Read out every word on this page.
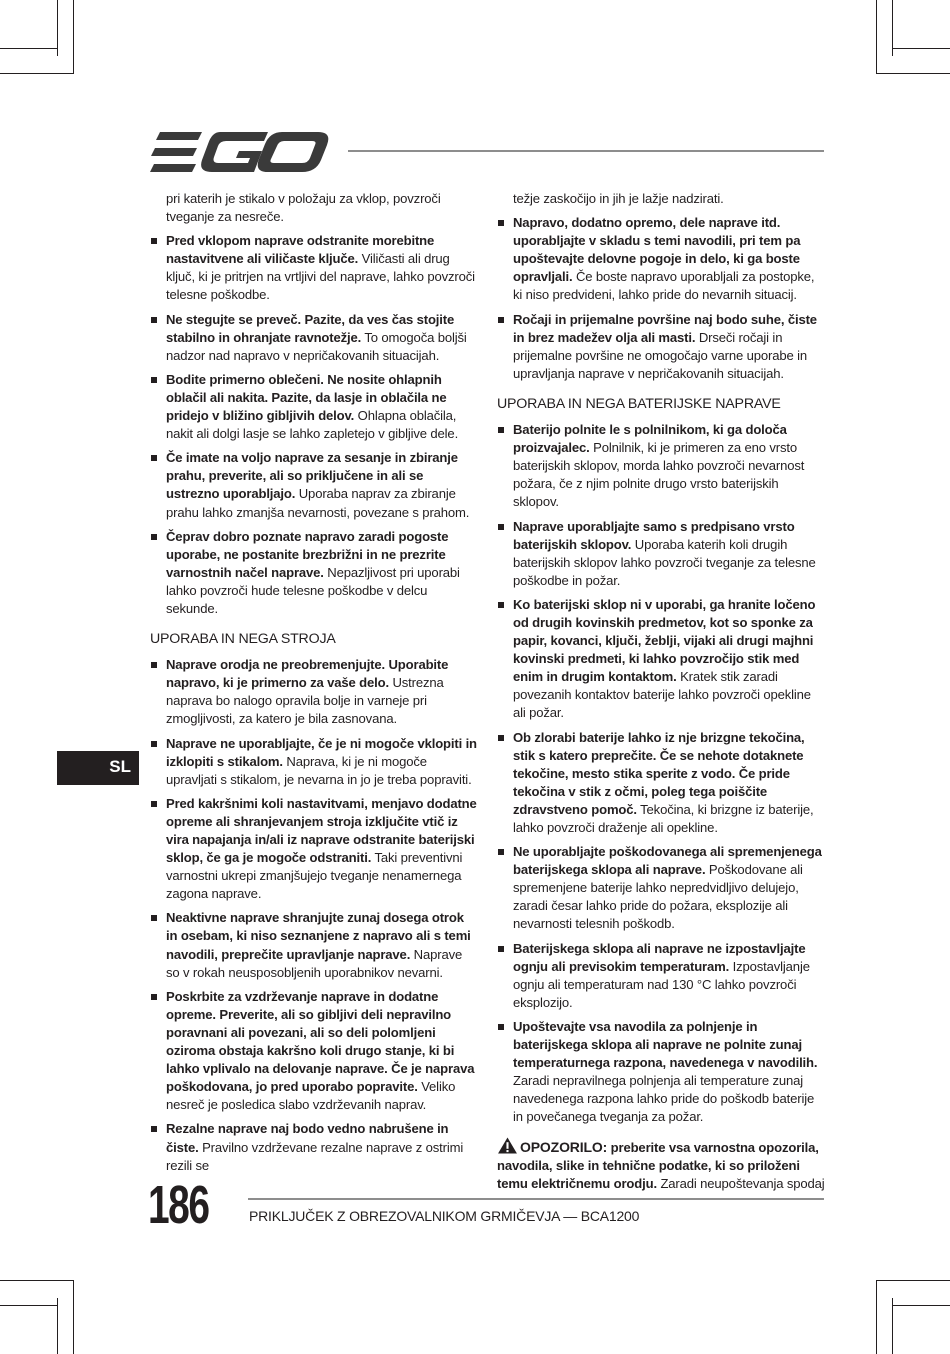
SL

pri katerih je stikalo v položaju za vklop, povzroči tveganje za nesreče.

Pred vklopom naprave odstranite morebitne nastavitvene ali viličaste ključe. Viličasti ali drug ključ, ki je pritrjen na vrtljivi del naprave, lahko povzroči telesne poškodbe.
Ne stegujte se preveč. Pazite, da ves čas stojite stabilno in ohranjate ravnotežje. To omogoča boljši nadzor nad napravo v nepričakovanih situacijah.
Bodite primerno oblečeni. Ne nosite ohlapnih oblačil ali nakita. Pazite, da lasje in oblačila ne pridejo v bližino gibljivih delov. Ohlapna oblačila, nakit ali dolgi lasje se lahko zapletejo v gibljive dele.
Če imate na voljo naprave za sesanje in zbiranje prahu, preverite, ali so priključene in ali se ustrezno uporabljajo. Uporaba naprav za zbiranje prahu lahko zmanjša nevarnosti, povezane s prahom.
Čeprav dobro poznate napravo zaradi pogoste uporabe, ne postanite brezbrižni in ne prezrite varnostnih načel naprave. Nepazljivost pri uporabi lahko povzroči hude telesne poškodbe v delcu sekunde.
UPORABA IN NEGA STROJA
Naprave orodja ne preobremenjujte. Uporabite napravo, ki je primerno za vaše delo. Ustrezna naprava bo nalogo opravila bolje in varneje pri zmogljivosti, za katero je bila zasnovana.
Naprave ne uporabljajte, če je ni mogoče vklopiti in izklopiti s stikalom. Naprava, ki je ni mogoče upravljati s stikalom, je nevarna in jo je treba popraviti.
Pred kakršnimi koli nastavitvami, menjavo dodatne opreme ali shranjevanjem stroja izključite vtič iz vira napajanja in/ali iz naprave odstranite baterijski sklop, če ga je mogoče odstraniti. Taki preventivni varnostni ukrepi zmanjšujejo tveganje nenamernega zagona naprave.
Neaktivne naprave shranjujte zunaj dosega otrok in osebam, ki niso seznanjene z napravo ali s temi navodili, preprečite upravljanje naprave. Naprave so v rokah neusposobljenih uporabnikov nevarni.
Poskrbite za vzdrževanje naprave in dodatne opreme. Preverite, ali so gibljivi deli nepravilno poravnani ali povezani, ali so deli polomljeni oziroma obstaja kakršno koli drugo stanje, ki bi lahko vplivalo na delovanje naprave. Če je naprava poškodovana, jo pred uporabo popravite. Veliko nesreč je posledica slabo vzdrževanih naprav.
Rezalne naprave naj bodo vedno nabrušene in čiste. Pravilno vzdrževane rezalne naprave z ostrimi rezili se

težje zaskočijo in jih je lažje nadzirati.

Napravo, dodatno opremo, dele naprave itd. uporabljajte v skladu s temi navodili, pri tem pa upoštevajte delovne pogoje in delo, ki ga boste opravljali. Če boste napravo uporabljali za postopke, ki niso predvideni, lahko pride do nevarnih situacij.
Ročaji in prijemalne površine naj bodo suhe, čiste in brez madežev olja ali masti. Drseči ročaji in prijemalne površine ne omogočajo varne uporabe in upravljanja naprave v nepričakovanih situacijah.
UPORABA IN NEGA BATERIJSKE NAPRAVE
Baterijo polnite le s polnilnikom, ki ga določa proizvajalec. Polnilnik, ki je primeren za eno vrsto baterijskih sklopov, morda lahko povzroči nevarnost požara, če z njim polnite drugo vrsto baterijskih sklopov.
Naprave uporabljajte samo s predpisano vrsto baterijskih sklopov. Uporaba katerih koli drugih baterijskih sklopov lahko povzroči tveganje za telesne poškodbe in požar.
Ko baterijski sklop ni v uporabi, ga hranite ločeno od drugih kovinskih predmetov, kot so sponke za papir, kovanci, ključi, žeblji, vijaki ali drugi majhni kovinski predmeti, ki lahko povzročijo stik med enim in drugim kontaktom. Kratek stik zaradi povezanih kontaktov baterije lahko povzroči opekline ali požar.
Ob zlorabi baterije lahko iz nje brizgne tekočina, stik s katero preprečite. Če se nehote dotaknete tekočine, mesto stika sperite z vodo. Če pride tekočina v stik z očmi, poleg tega poiščite zdravstveno pomoč. Tekočina, ki brizgne iz baterije, lahko povzroči draženje ali opekline.
Ne uporabljajte poškodovanega ali spremenjenega baterijskega sklopa ali naprave. Poškodovane ali spremenjene baterije lahko nepredvidljivo delujejo, zaradi česar lahko pride do požara, eksplozije ali nevarnosti telesnih poškodb.
Baterijskega sklopa ali naprave ne izpostavljajte ognju ali previsokim temperaturam. Izpostavljanje ognju ali temperaturam nad 130 °C lahko povzroči eksplozijo.
Upoštevajte vsa navodila za polnjenje in baterijskega sklopa ali naprave ne polnite zunaj temperaturnega razpona, navedenega v navodilih. Zaradi nepravilnega polnjenja ali temperature zunaj navedenega razpona lahko pride do poškodb baterije in povečanega tveganja za požar.

OPOZORILO: preberite vsa varnostna opozorila, navodila, slike in tehnične podatke, ki so priloženi temu električnemu orodju. Zaradi neupoštevanja spodaj

186	PRIKLJUČEK Z OBREZOVALNIKOM GRMIČEVJA — BCA1200
